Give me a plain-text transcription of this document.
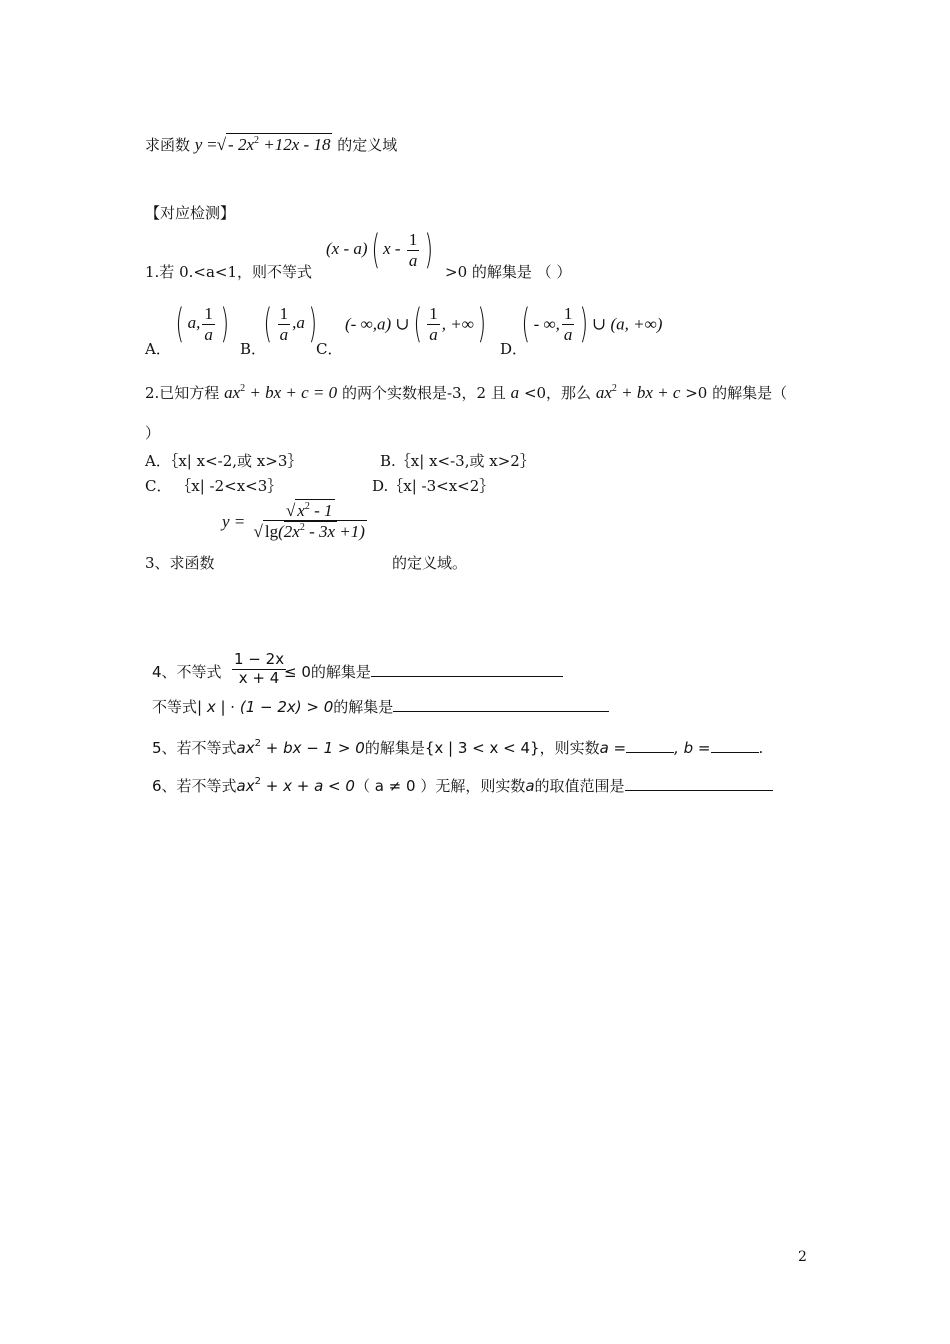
求函数 y =√ - $2x^2 +12x - 18$ 的定义域
【对应检测】
(x - a)( x - $\frac{1}{a}$ )
1.若 0.<a<1，则不等式	>0 的解集是 （ ）
A．
( a, $\frac{1}{a}$ )
B．
( $\frac{1}{a} ,a$)
C．
(- ∞,a) ∪( $\frac{1}{a}$ , +∞)
D．
( - ∞, $\frac{1}{a}$ ) ∪ (a, +∞)
2.已知方程 $ax^2$ + bx + c = 0 的两个实数根是-3，2 且 a <0，那么 $ax^2$ + bx + c >0 的解集是（
）
A．｛x| x<-2,或 x>3｝	B.｛x| x<-3,或 x>2｝
C． ｛x| -2<x<3｝	D.｛x| -3<x<2｝
3、求函数
$y = \frac{√ x^2 - 1}{√ \lg(2x^2 - 3x +1)}$
的定义域。
4、不等式 $\frac{1 - 2x}{x + 4}$
≤ 0的解集是
不等式| x | ⋅ (1 − 2x) > 0的解集是
5、若不等式$ax^2$ + bx − 1 > 0的解集是{x | 3 < x < 4}，则实数a =	, b =	.
6、若不等式$ax^2 + x + a < 0$（ a ≠ 0 ）无解，则实数a的取值范围是
2
